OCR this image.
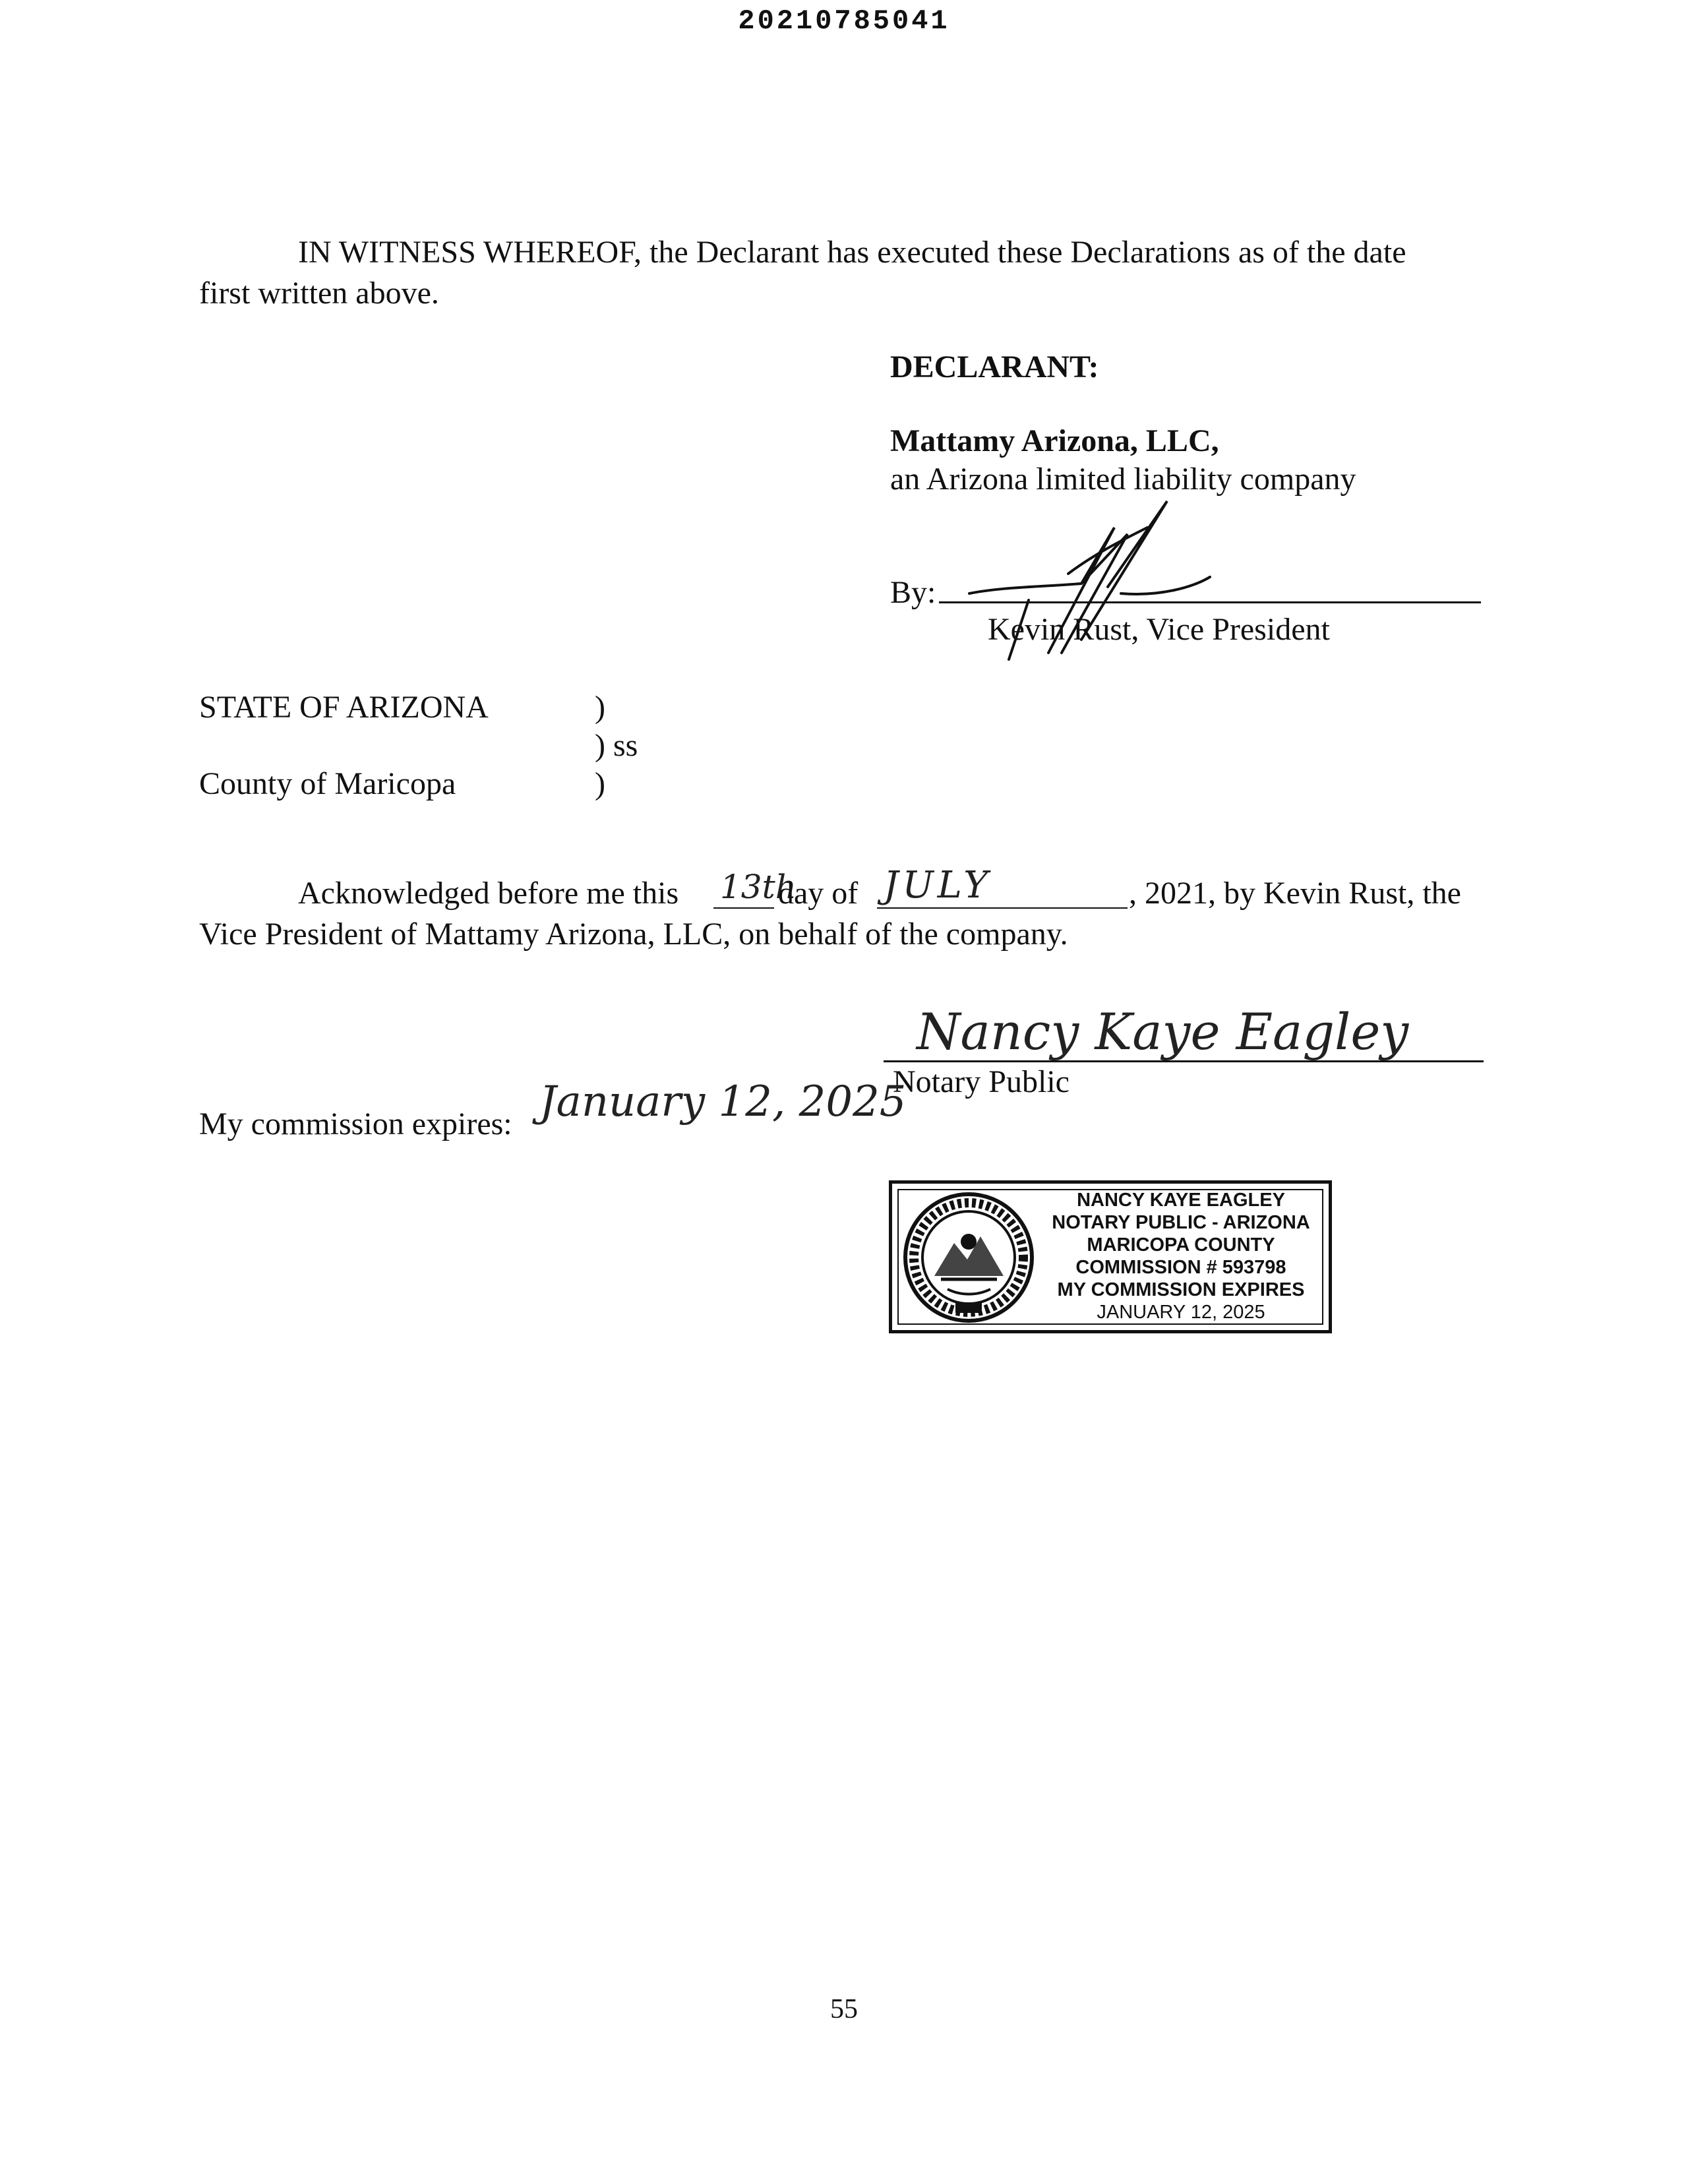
20210785041
IN WITNESS WHEREOF, the Declarant has executed these Declarations as of the date
first written above.
DECLARANT:
Mattamy Arizona, LLC,
an Arizona limited liability company
By:
Kevin Rust, Vice President
STATE OF ARIZONA	)
) ss
County of Maricopa	)
Acknowledged before me this 13th
day of JULY	, 2021, by Kevin Rust, the
Vice President of Mattamy Arizona, LLC, on behalf of the company.
Nancy Kaye Eagley
Notary Public
My commission expires: January 12, 2025
NANCY KAYE EAGLEY
NOTARY PUBLIC - ARIZONA
MARICOPA COUNTY
COMMISSION # 593798
MY COMMISSION EXPIRES
JANUARY 12, 2025
55
